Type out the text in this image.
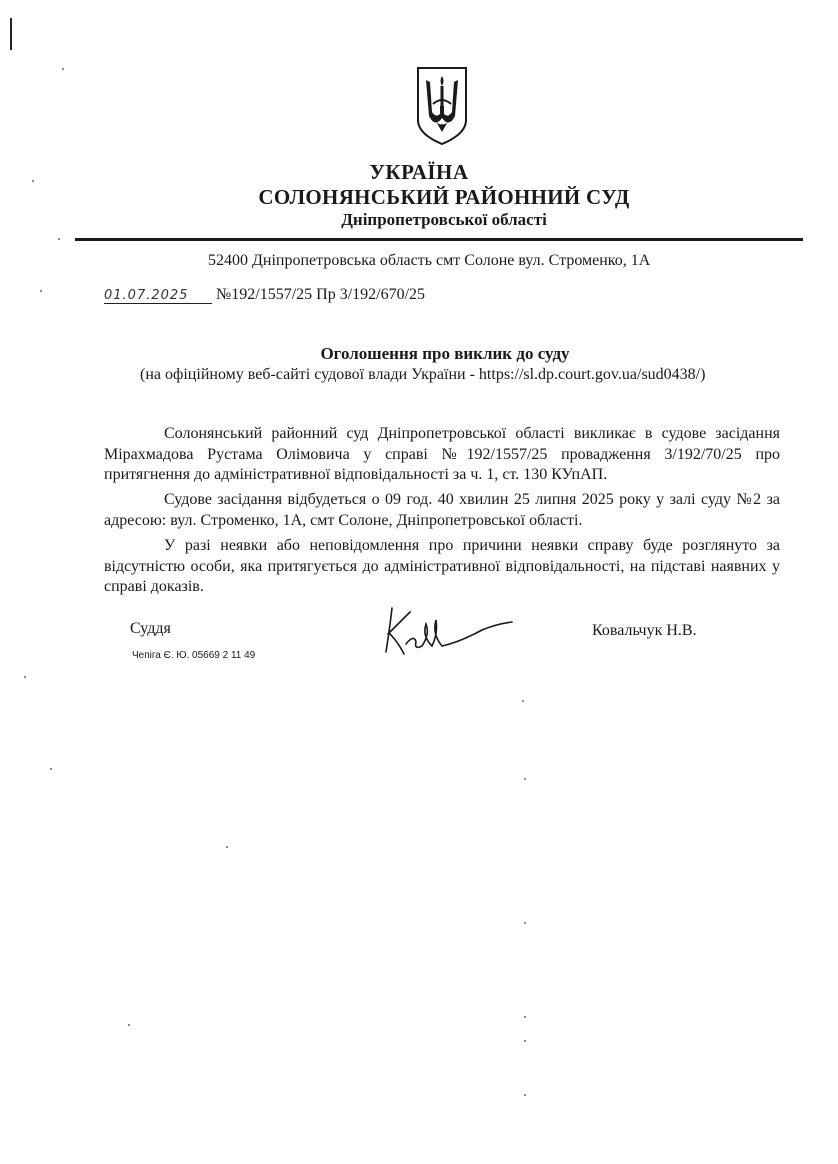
УКРАЇНА
СОЛОНЯНСЬКИЙ РАЙОННИЙ СУД
Дніпропетровської області
52400 Дніпропетровська область смт Солоне вул. Строменко, 1А
01.07.2025 №192/1557/25 Пр 3/192/670/25
Оголошення про виклик до суду
(на офіційному веб-сайті судової влади України - https://sl.dp.court.gov.ua/sud0438/)
Солонянський районний суд Дніпропетровської області викликає в судове засідання Мірахмадова Рустама Олімовича у справі №192/1557/25 провадження 3/192/70/25 про притягнення до адміністративної відповідальності за ч. 1, ст. 130 КУпАП.
Судове засідання відбудеться о 09 год. 40 хвилин 25 липня 2025 року у залі суду №2 за адресою: вул. Строменко, 1А, смт Солоне, Дніпропетровської області.
У разі неявки або неповідомлення про причини неявки справу буде розглянуто за відсутністю особи, яка притягується до адміністративної відповідальності, на підставі наявних у справі доказів.
Суддя
Чепіга Є. Ю. 05669 2 11 49
Ковальчук Н.В.
